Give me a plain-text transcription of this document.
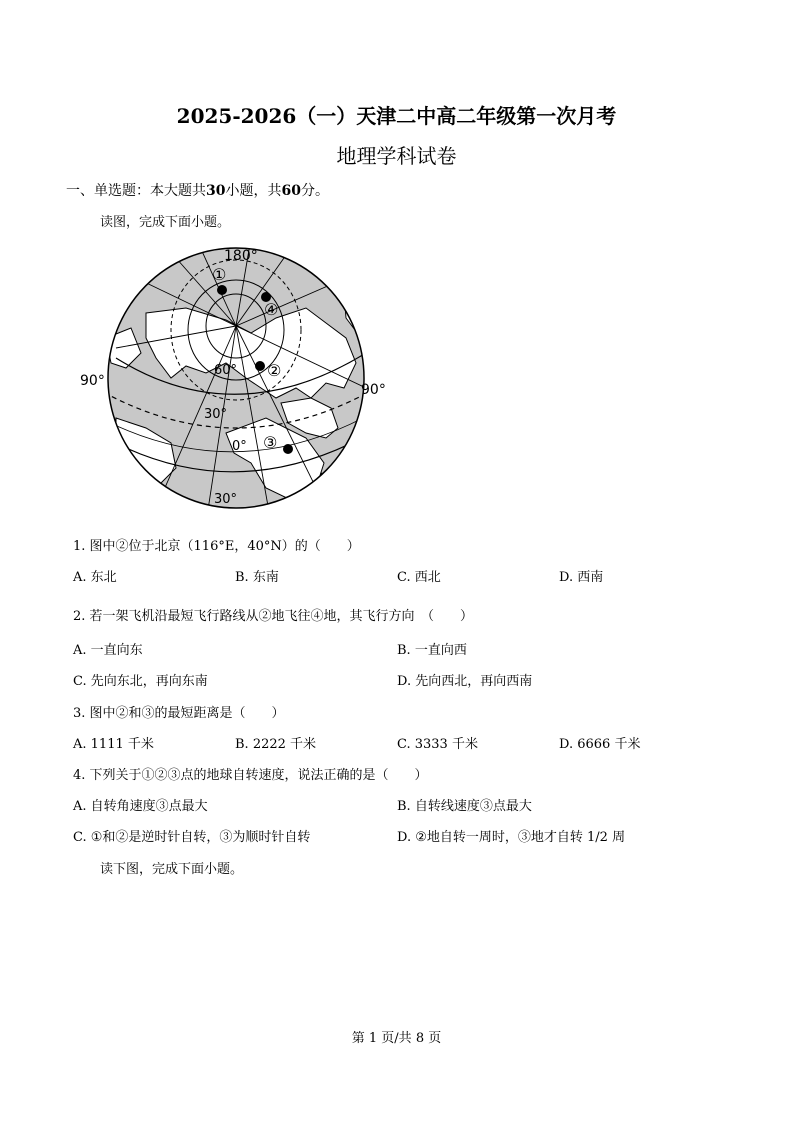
2025-2026（一）天津二中高二年级第一次月考
地理学科试卷
一、单选题：本大题共30小题，共60分。
读图，完成下面小题。
180°
90°
90°
60°
30°
0°
30°
①
④
②
③
1. 图中②位于北京（116°E，40°N）的（　　）
A. 东北	B. 东南	C. 西北	D. 西南
2. 若一架飞机沿最短飞行路线从②地飞往④地，其飞行方向　（　　）
A. 一直向东	B. 一直向西
C. 先向东北，再向东南	D. 先向西北，再向西南
3. 图中②和③的最短距离是（　　）
A. 1111 千米	B. 2222 千米	C. 3333 千米	D. 6666 千米
4. 下列关于①②③点的地球自转速度，说法正确的是（　　）
A. 自转角速度③点最大	B. 自转线速度③点最大
C. ①和②是逆时针自转，③为顺时针自转	D. ②地自转一周时，③地才自转 1/2 周
读下图，完成下面小题。
第 1 页/共 8 页
